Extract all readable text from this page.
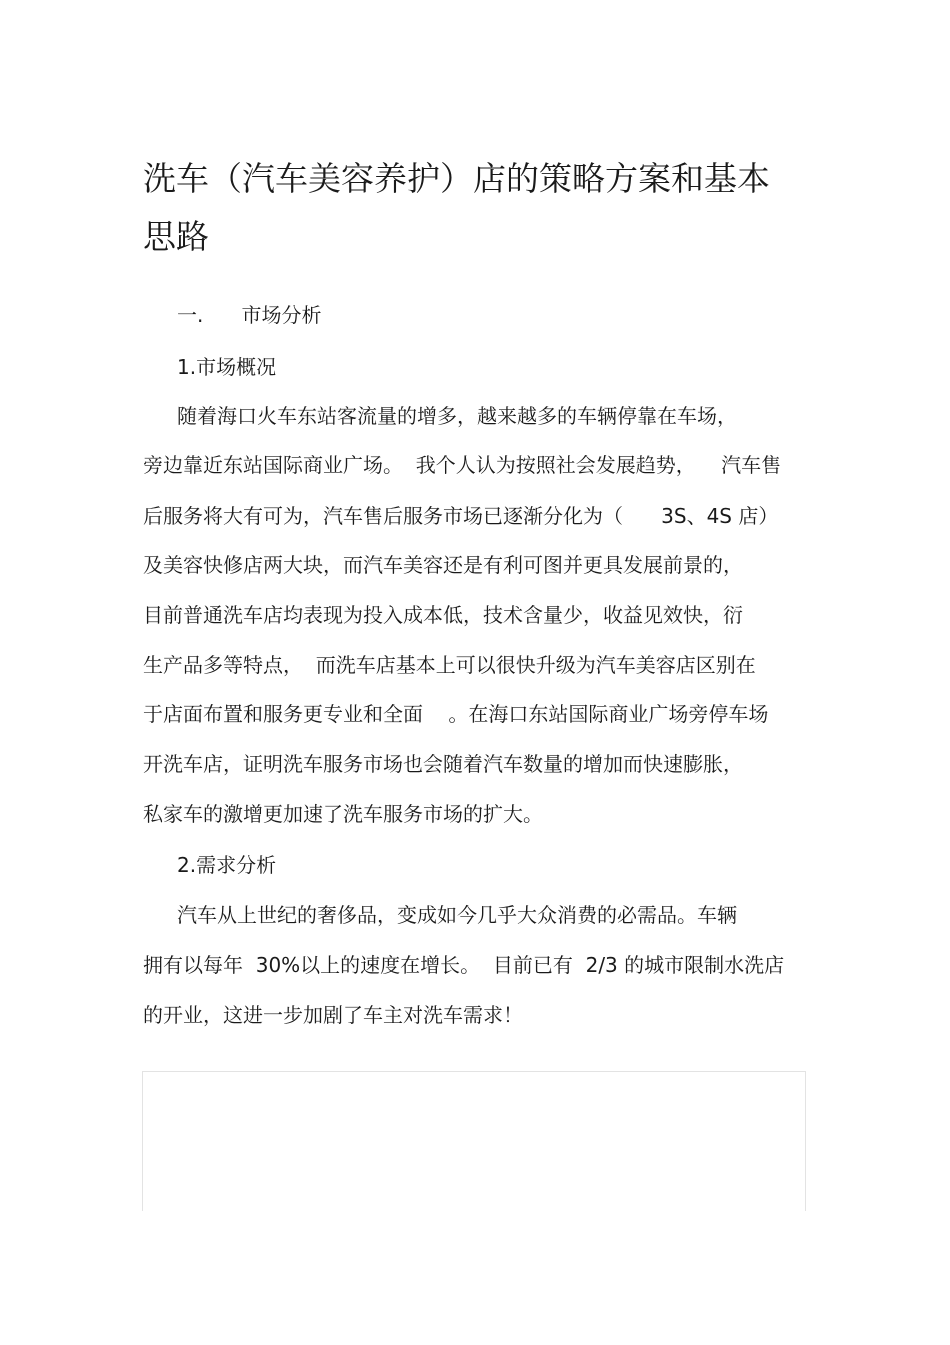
洗车（汽车美容养护）店的策略方案和基本思路

一.      市场分析

1.市场概况

随着海口火车东站客流量的增多，越来越多的车辆停靠在车场，

旁边靠近东站国际商业广场。  我个人认为按照社会发展趋势，    汽车售

后服务将大有可为，汽车售后服务市场已逐渐分化为（      3S、4S 店）

及美容快修店两大块，而汽车美容还是有利可图并更具发展前景的，

目前普通洗车店均表现为投入成本低，技术含量少，收益见效快，衍

生产品多等特点，  而洗车店基本上可以很快升级为汽车美容店区别在

于店面布置和服务更专业和全面    。在海口东站国际商业广场旁停车场

开洗车店，证明洗车服务市场也会随着汽车数量的增加而快速膨胀，

私家车的激增更加速了洗车服务市场的扩大。

2.需求分析

汽车从上世纪的奢侈品，变成如今几乎大众消费的必需品。车辆

拥有以每年  30%以上的速度在增长。  目前已有  2/3 的城市限制水洗店

的开业，这进一步加剧了车主对洗车需求！
